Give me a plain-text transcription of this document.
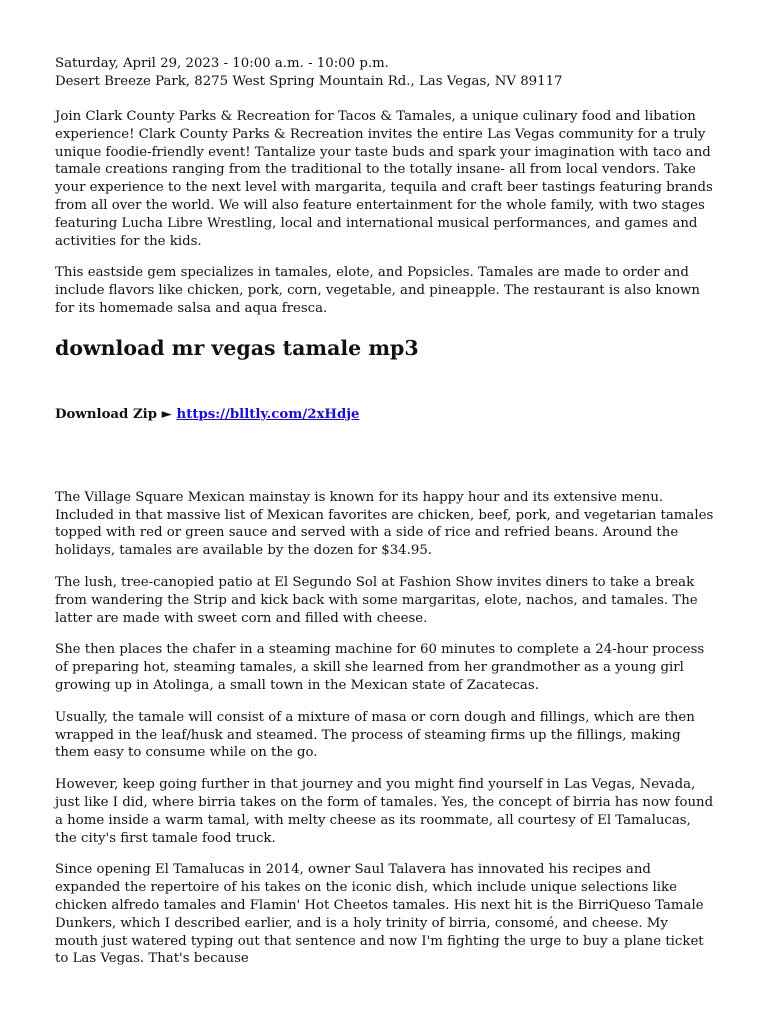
Saturday, April 29, 2023 - 10:00 a.m. - 10:00 p.m.

Desert Breeze Park, 8275 West Spring Mountain Rd., Las Vegas, NV 89117

Join Clark County Parks & Recreation for Tacos & Tamales, a unique culinary food and libation experience! Clark County Parks & Recreation invites the entire Las Vegas community for a truly unique foodie-friendly event! Tantalize your taste buds and spark your imagination with taco and tamale creations ranging from the traditional to the totally insane- all from local vendors. Take your experience to the next level with margarita, tequila and craft beer tastings featuring brands from all over the world. We will also feature entertainment for the whole family, with two stages featuring Lucha Libre Wrestling, local and international musical performances, and games and activities for the kids.

This eastside gem specializes in tamales, elote, and Popsicles. Tamales are made to order and include flavors like chicken, pork, corn, vegetable, and pineapple. The restaurant is also known for its homemade salsa and aqua fresca.

download mr vegas tamale mp3

Download Zip ► https://blltly.com/2xHdje

The Village Square Mexican mainstay is known for its happy hour and its extensive menu. Included in that massive list of Mexican favorites are chicken, beef, pork, and vegetarian tamales topped with red or green sauce and served with a side of rice and refried beans. Around the holidays, tamales are available by the dozen for $34.95.

The lush, tree-canopied patio at El Segundo Sol at Fashion Show invites diners to take a break from wandering the Strip and kick back with some margaritas, elote, nachos, and tamales. The latter are made with sweet corn and filled with cheese.

She then places the chafer in a steaming machine for 60 minutes to complete a 24-hour process of preparing hot, steaming tamales, a skill she learned from her grandmother as a young girl growing up in Atolinga, a small town in the Mexican state of Zacatecas.

Usually, the tamale will consist of a mixture of masa or corn dough and fillings, which are then wrapped in the leaf/husk and steamed. The process of steaming firms up the fillings, making them easy to consume while on the go.

However, keep going further in that journey and you might find yourself in Las Vegas, Nevada, just like I did, where birria takes on the form of tamales. Yes, the concept of birria has now found a home inside a warm tamal, with melty cheese as its roommate, all courtesy of El Tamalucas, the city's first tamale food truck.

Since opening El Tamalucas in 2014, owner Saul Talavera has innovated his recipes and expanded the repertoire of his takes on the iconic dish, which include unique selections like chicken alfredo tamales and Flamin' Hot Cheetos tamales. His next hit is the BirriQueso Tamale Dunkers, which I described earlier, and is a holy trinity of birria, consomé, and cheese. My mouth just watered typing out that sentence and now I'm fighting the urge to buy a plane ticket to Las Vegas. That's because
